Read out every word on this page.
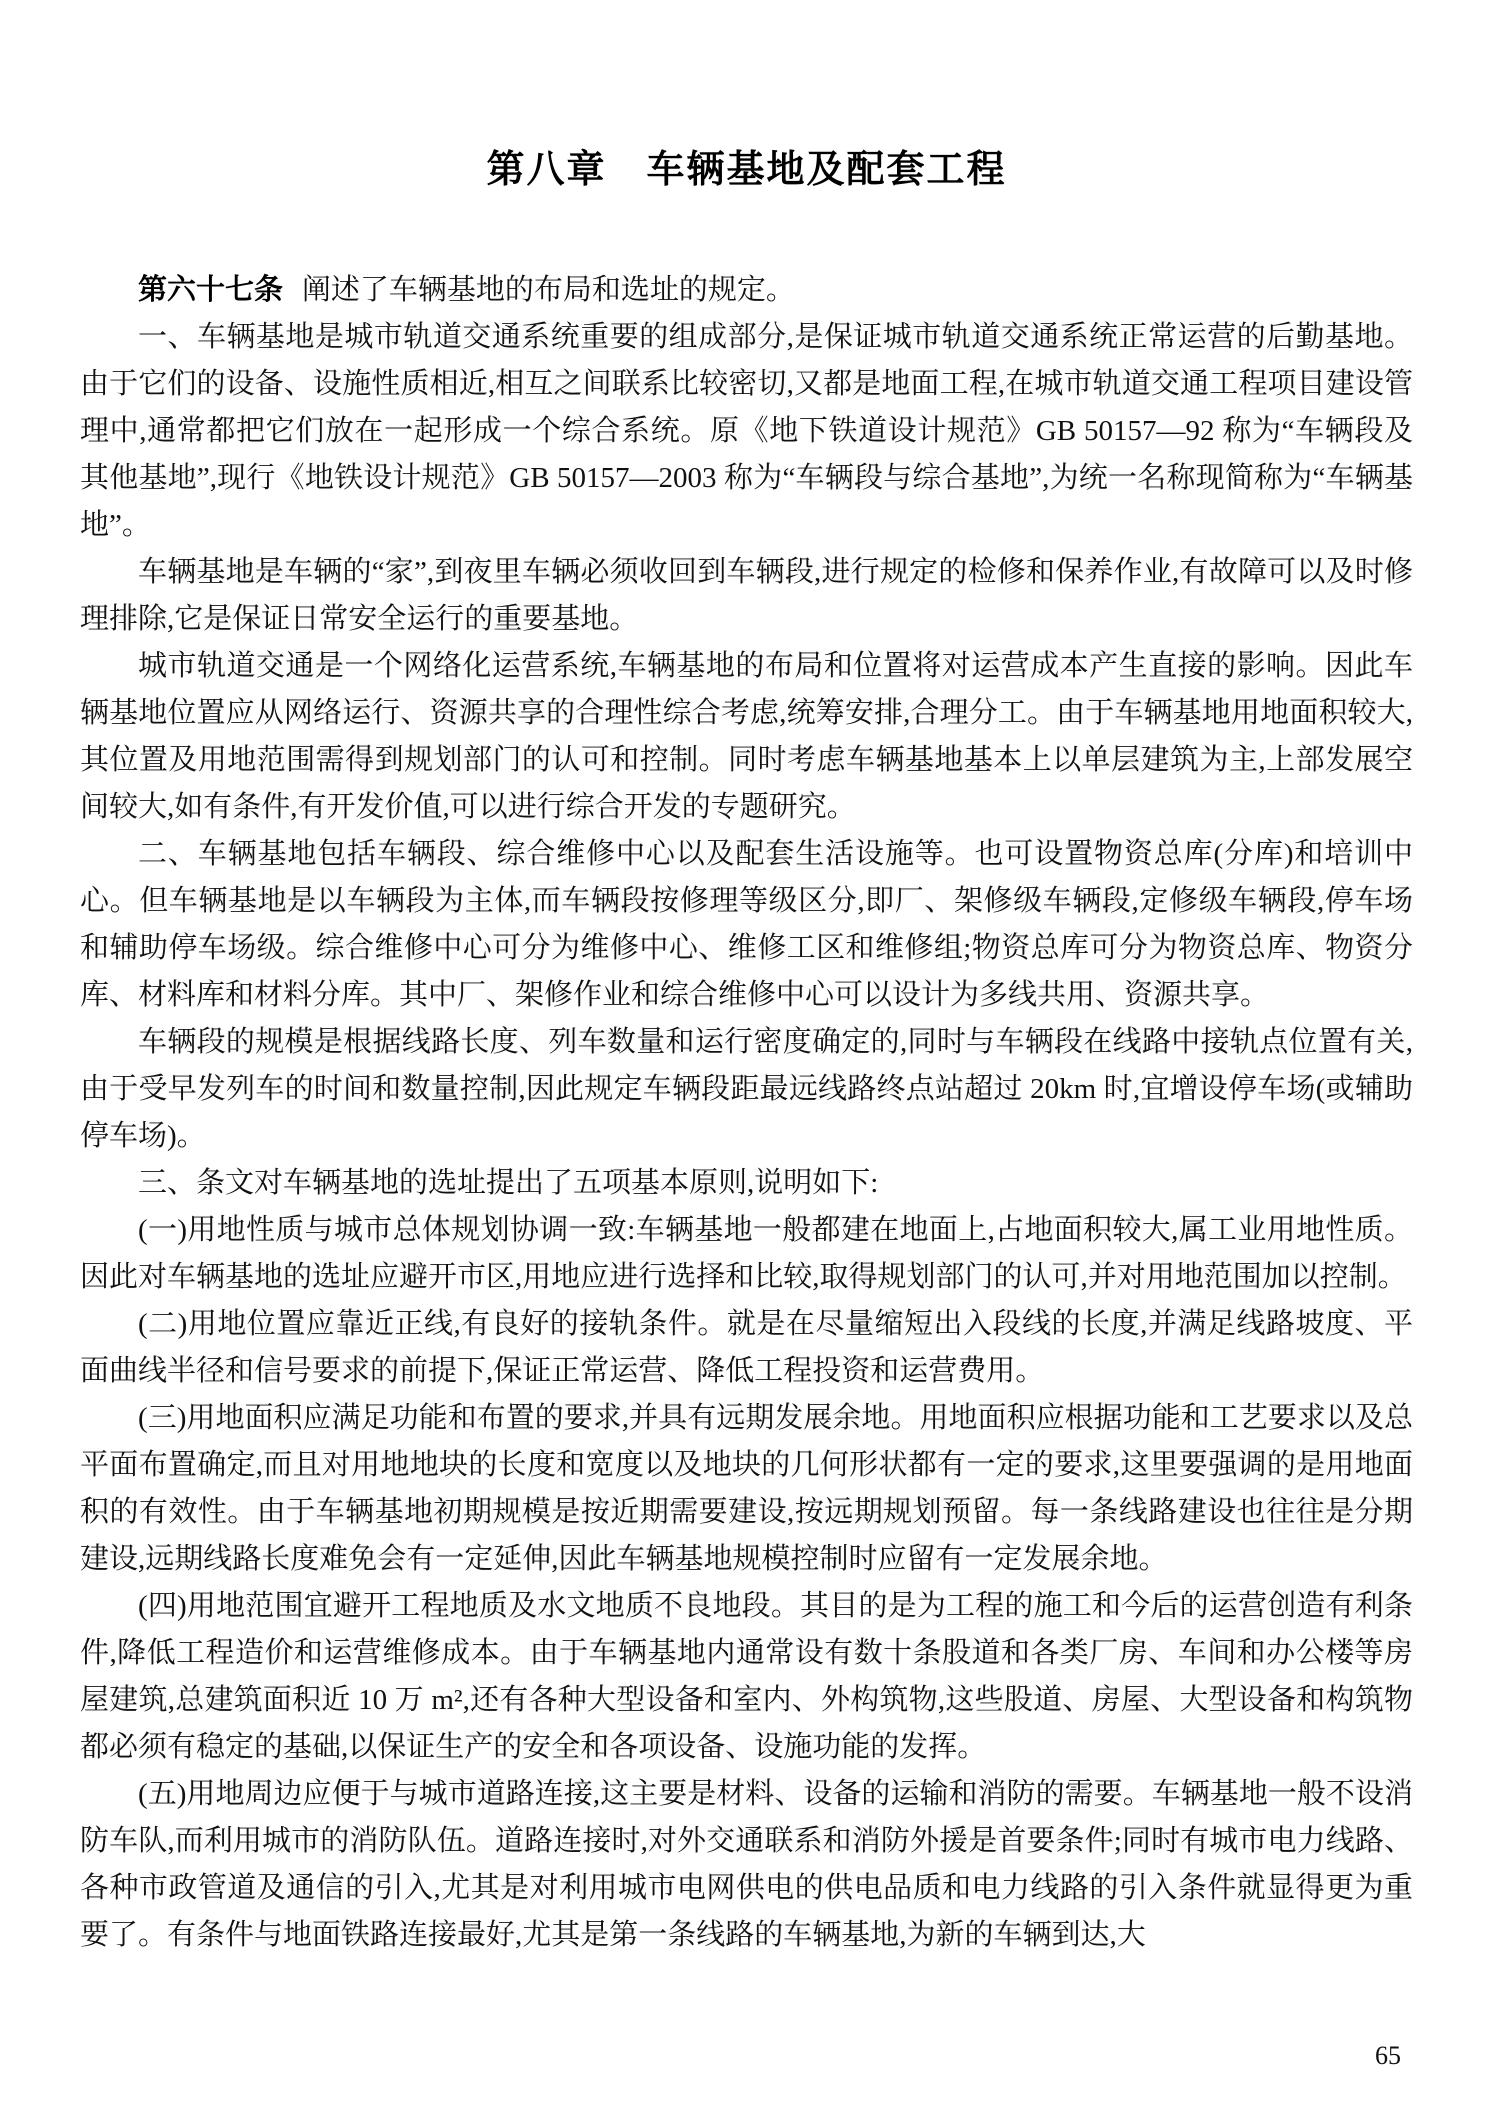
第八章　车辆基地及配套工程

第六十七条 阐述了车辆基地的布局和选址的规定。

一、车辆基地是城市轨道交通系统重要的组成部分,是保证城市轨道交通系统正常运营的后勤基地。由于它们的设备、设施性质相近,相互之间联系比较密切,又都是地面工程,在城市轨道交通工程项目建设管理中,通常都把它们放在一起形成一个综合系统。原《地下铁道设计规范》GB 50157—92 称为“车辆段及其他基地”,现行《地铁设计规范》GB 50157—2003 称为“车辆段与综合基地”,为统一名称现简称为“车辆基地”。

车辆基地是车辆的“家”,到夜里车辆必须收回到车辆段,进行规定的检修和保养作业,有故障可以及时修理排除,它是保证日常安全运行的重要基地。

城市轨道交通是一个网络化运营系统,车辆基地的布局和位置将对运营成本产生直接的影响。因此车辆基地位置应从网络运行、资源共享的合理性综合考虑,统筹安排,合理分工。由于车辆基地用地面积较大,其位置及用地范围需得到规划部门的认可和控制。同时考虑车辆基地基本上以单层建筑为主,上部发展空间较大,如有条件,有开发价值,可以进行综合开发的专题研究。

二、车辆基地包括车辆段、综合维修中心以及配套生活设施等。也可设置物资总库(分库)和培训中心。但车辆基地是以车辆段为主体,而车辆段按修理等级区分,即厂、架修级车辆段,定修级车辆段,停车场和辅助停车场级。综合维修中心可分为维修中心、维修工区和维修组;物资总库可分为物资总库、物资分库、材料库和材料分库。其中厂、架修作业和综合维修中心可以设计为多线共用、资源共享。

车辆段的规模是根据线路长度、列车数量和运行密度确定的,同时与车辆段在线路中接轨点位置有关,由于受早发列车的时间和数量控制,因此规定车辆段距最远线路终点站超过 20km 时,宜增设停车场(或辅助停车场)。

三、条文对车辆基地的选址提出了五项基本原则,说明如下:

(一)用地性质与城市总体规划协调一致:车辆基地一般都建在地面上,占地面积较大,属工业用地性质。因此对车辆基地的选址应避开市区,用地应进行选择和比较,取得规划部门的认可,并对用地范围加以控制。

(二)用地位置应靠近正线,有良好的接轨条件。就是在尽量缩短出入段线的长度,并满足线路坡度、平面曲线半径和信号要求的前提下,保证正常运营、降低工程投资和运营费用。

(三)用地面积应满足功能和布置的要求,并具有远期发展余地。用地面积应根据功能和工艺要求以及总平面布置确定,而且对用地地块的长度和宽度以及地块的几何形状都有一定的要求,这里要强调的是用地面积的有效性。由于车辆基地初期规模是按近期需要建设,按远期规划预留。每一条线路建设也往往是分期建设,远期线路长度难免会有一定延伸,因此车辆基地规模控制时应留有一定发展余地。

(四)用地范围宜避开工程地质及水文地质不良地段。其目的是为工程的施工和今后的运营创造有利条件,降低工程造价和运营维修成本。由于车辆基地内通常设有数十条股道和各类厂房、车间和办公楼等房屋建筑,总建筑面积近 10 万 m²,还有各种大型设备和室内、外构筑物,这些股道、房屋、大型设备和构筑物都必须有稳定的基础,以保证生产的安全和各项设备、设施功能的发挥。

(五)用地周边应便于与城市道路连接,这主要是材料、设备的运输和消防的需要。车辆基地一般不设消防车队,而利用城市的消防队伍。道路连接时,对外交通联系和消防外援是首要条件;同时有城市电力线路、各种市政管道及通信的引入,尤其是对利用城市电网供电的供电品质和电力线路的引入条件就显得更为重要了。有条件与地面铁路连接最好,尤其是第一条线路的车辆基地,为新的车辆到达,大

65
